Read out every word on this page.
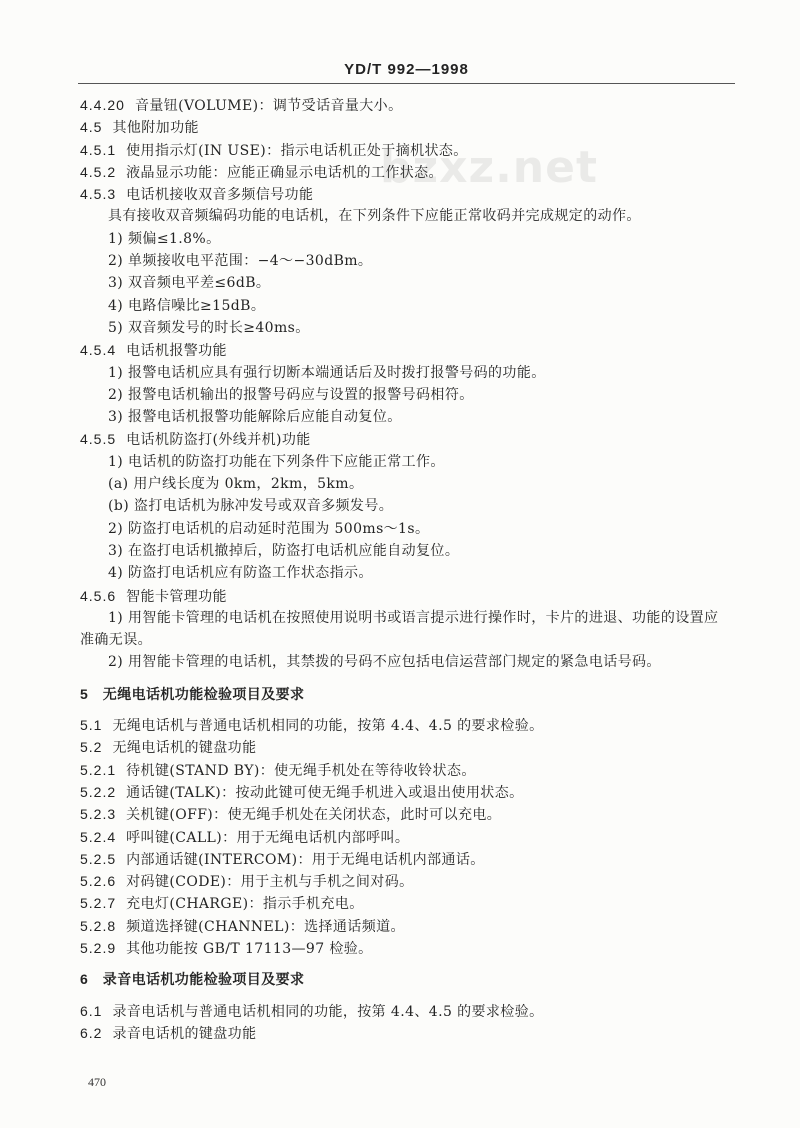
YD/T 992—1998
bzxz.net
4.4.20 音量钮(VOLUME)：调节受话音量大小。
4.5 其他附加功能
4.5.1 使用指示灯(IN USE)：指示电话机正处于摘机状态。
4.5.2 液晶显示功能：应能正确显示电话机的工作状态。
4.5.3 电话机接收双音多频信号功能
具有接收双音频编码功能的电话机，在下列条件下应能正常收码并完成规定的动作。
1) 频偏≤1.8%。
2) 单频接收电平范围：−4～−30dBm。
3) 双音频电平差≤6dB。
4) 电路信噪比≥15dB。
5) 双音频发号的时长≥40ms。
4.5.4 电话机报警功能
1) 报警电话机应具有强行切断本端通话后及时拨打报警号码的功能。
2) 报警电话机输出的报警号码应与设置的报警号码相符。
3) 报警电话机报警功能解除后应能自动复位。
4.5.5 电话机防盗打(外线并机)功能
1) 电话机的防盗打功能在下列条件下应能正常工作。
(a) 用户线长度为 0km，2km，5km。
(b) 盗打电话机为脉冲发号或双音多频发号。
2) 防盗打电话机的启动延时范围为 500ms～1s。
3) 在盗打电话机撤掉后，防盗打电话机应能自动复位。
4) 防盗打电话机应有防盗工作状态指示。
4.5.6 智能卡管理功能
1) 用智能卡管理的电话机在按照使用说明书或语言提示进行操作时，卡片的进退、功能的设置应
准确无误。
2) 用智能卡管理的电话机，其禁拨的号码不应包括电信运营部门规定的紧急电话号码。
5 无绳电话机功能检验项目及要求
5.1 无绳电话机与普通电话机相同的功能，按第 4.4、4.5 的要求检验。
5.2 无绳电话机的键盘功能
5.2.1 待机键(STAND BY)：使无绳手机处在等待收铃状态。
5.2.2 通话键(TALK)：按动此键可使无绳手机进入或退出使用状态。
5.2.3 关机键(OFF)：使无绳手机处在关闭状态，此时可以充电。
5.2.4 呼叫键(CALL)：用于无绳电话机内部呼叫。
5.2.5 内部通话键(INTERCOM)：用于无绳电话机内部通话。
5.2.6 对码键(CODE)：用于主机与手机之间对码。
5.2.7 充电灯(CHARGE)：指示手机充电。
5.2.8 频道选择键(CHANNEL)：选择通话频道。
5.2.9 其他功能按 GB/T 17113—97 检验。
6 录音电话机功能检验项目及要求
6.1 录音电话机与普通电话机相同的功能，按第 4.4、4.5 的要求检验。
6.2 录音电话机的键盘功能
470
